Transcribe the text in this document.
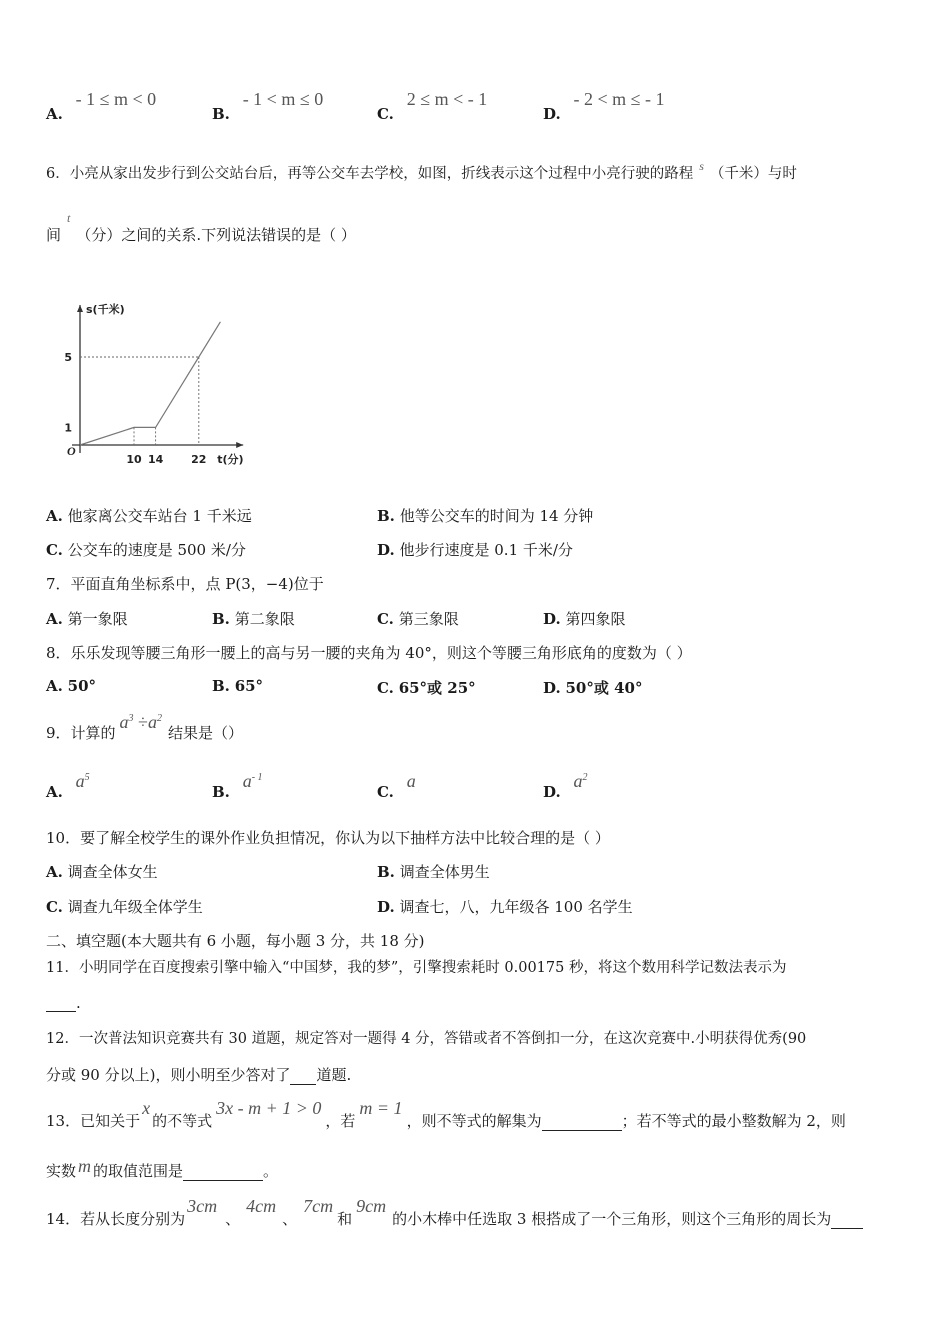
A. - 1 ≤ m < 0
B. - 1 < m ≤ 0
C. 2 ≤ m < - 1
D. - 2 < m ≤ - 1
6．小亮从家出发步行到公交站台后，再等公交车去学校，如图，折线表示这个过程中小亮行驶的路程 $^s$ （千米）与时
间$^t$（分）之间的关系.下列说法错误的是（ ）
10 14	22
1
5
s(千米)
t(分)
O
A. 他家离公交车站台 1 千米远	B. 他等公交车的时间为 14 分钟
C. 公交车的速度是 500 米/分	D. 他步行速度是 0.1 千米/分
7．平面直角坐标系中，点 P(3，−4)位于
A. 第一象限	B. 第二象限	C. 第三象限	D. 第四象限
8．乐乐发现等腰三角形一腰上的高与另一腰的夹角为 40°，则这个等腰三角形底角的度数为（ ）
A. 50°	B. 65°	C. 65°或 25°	D. 50°或 40°
9．计算的$a^3 \div a^2$结果是（）
A. $a^5$
B. $a^{- 1}$
C. a
D. $a^2$
10．要了解全校学生的课外作业负担情况，你认为以下抽样方法中比较合理的是（ ）
A. 调查全体女生	B. 调查全体男生
C. 调查九年级全体学生	D. 调查七，八，九年级各 100 名学生
二、填空题(本大题共有 6 小题，每小题 3 分，共 18 分)
11．小明同学在百度搜索引擎中输入“中国梦，我的梦”，引擎搜索耗时 0.00175 秒，将这个数用科学记数法表示为
.
12．一次普法知识竞赛共有 30 道题，规定答对一题得 4 分，答错或者不答倒扣一分，在这次竞赛中.小明获得优秀(90
分或 90 分以上)，则小明至少答对了 道题.
13．已知关于x的不等式3x - m + 1 > 0，若m = 1，则不等式的解集为	；若不等式的最小整数解为 2，则
实数 m 的取值范围是	。
14．若从长度分别为3cm、4cm、7cm和9cm的小木棒中任选取 3 根搭成了一个三角形，则这个三角形的周长为
